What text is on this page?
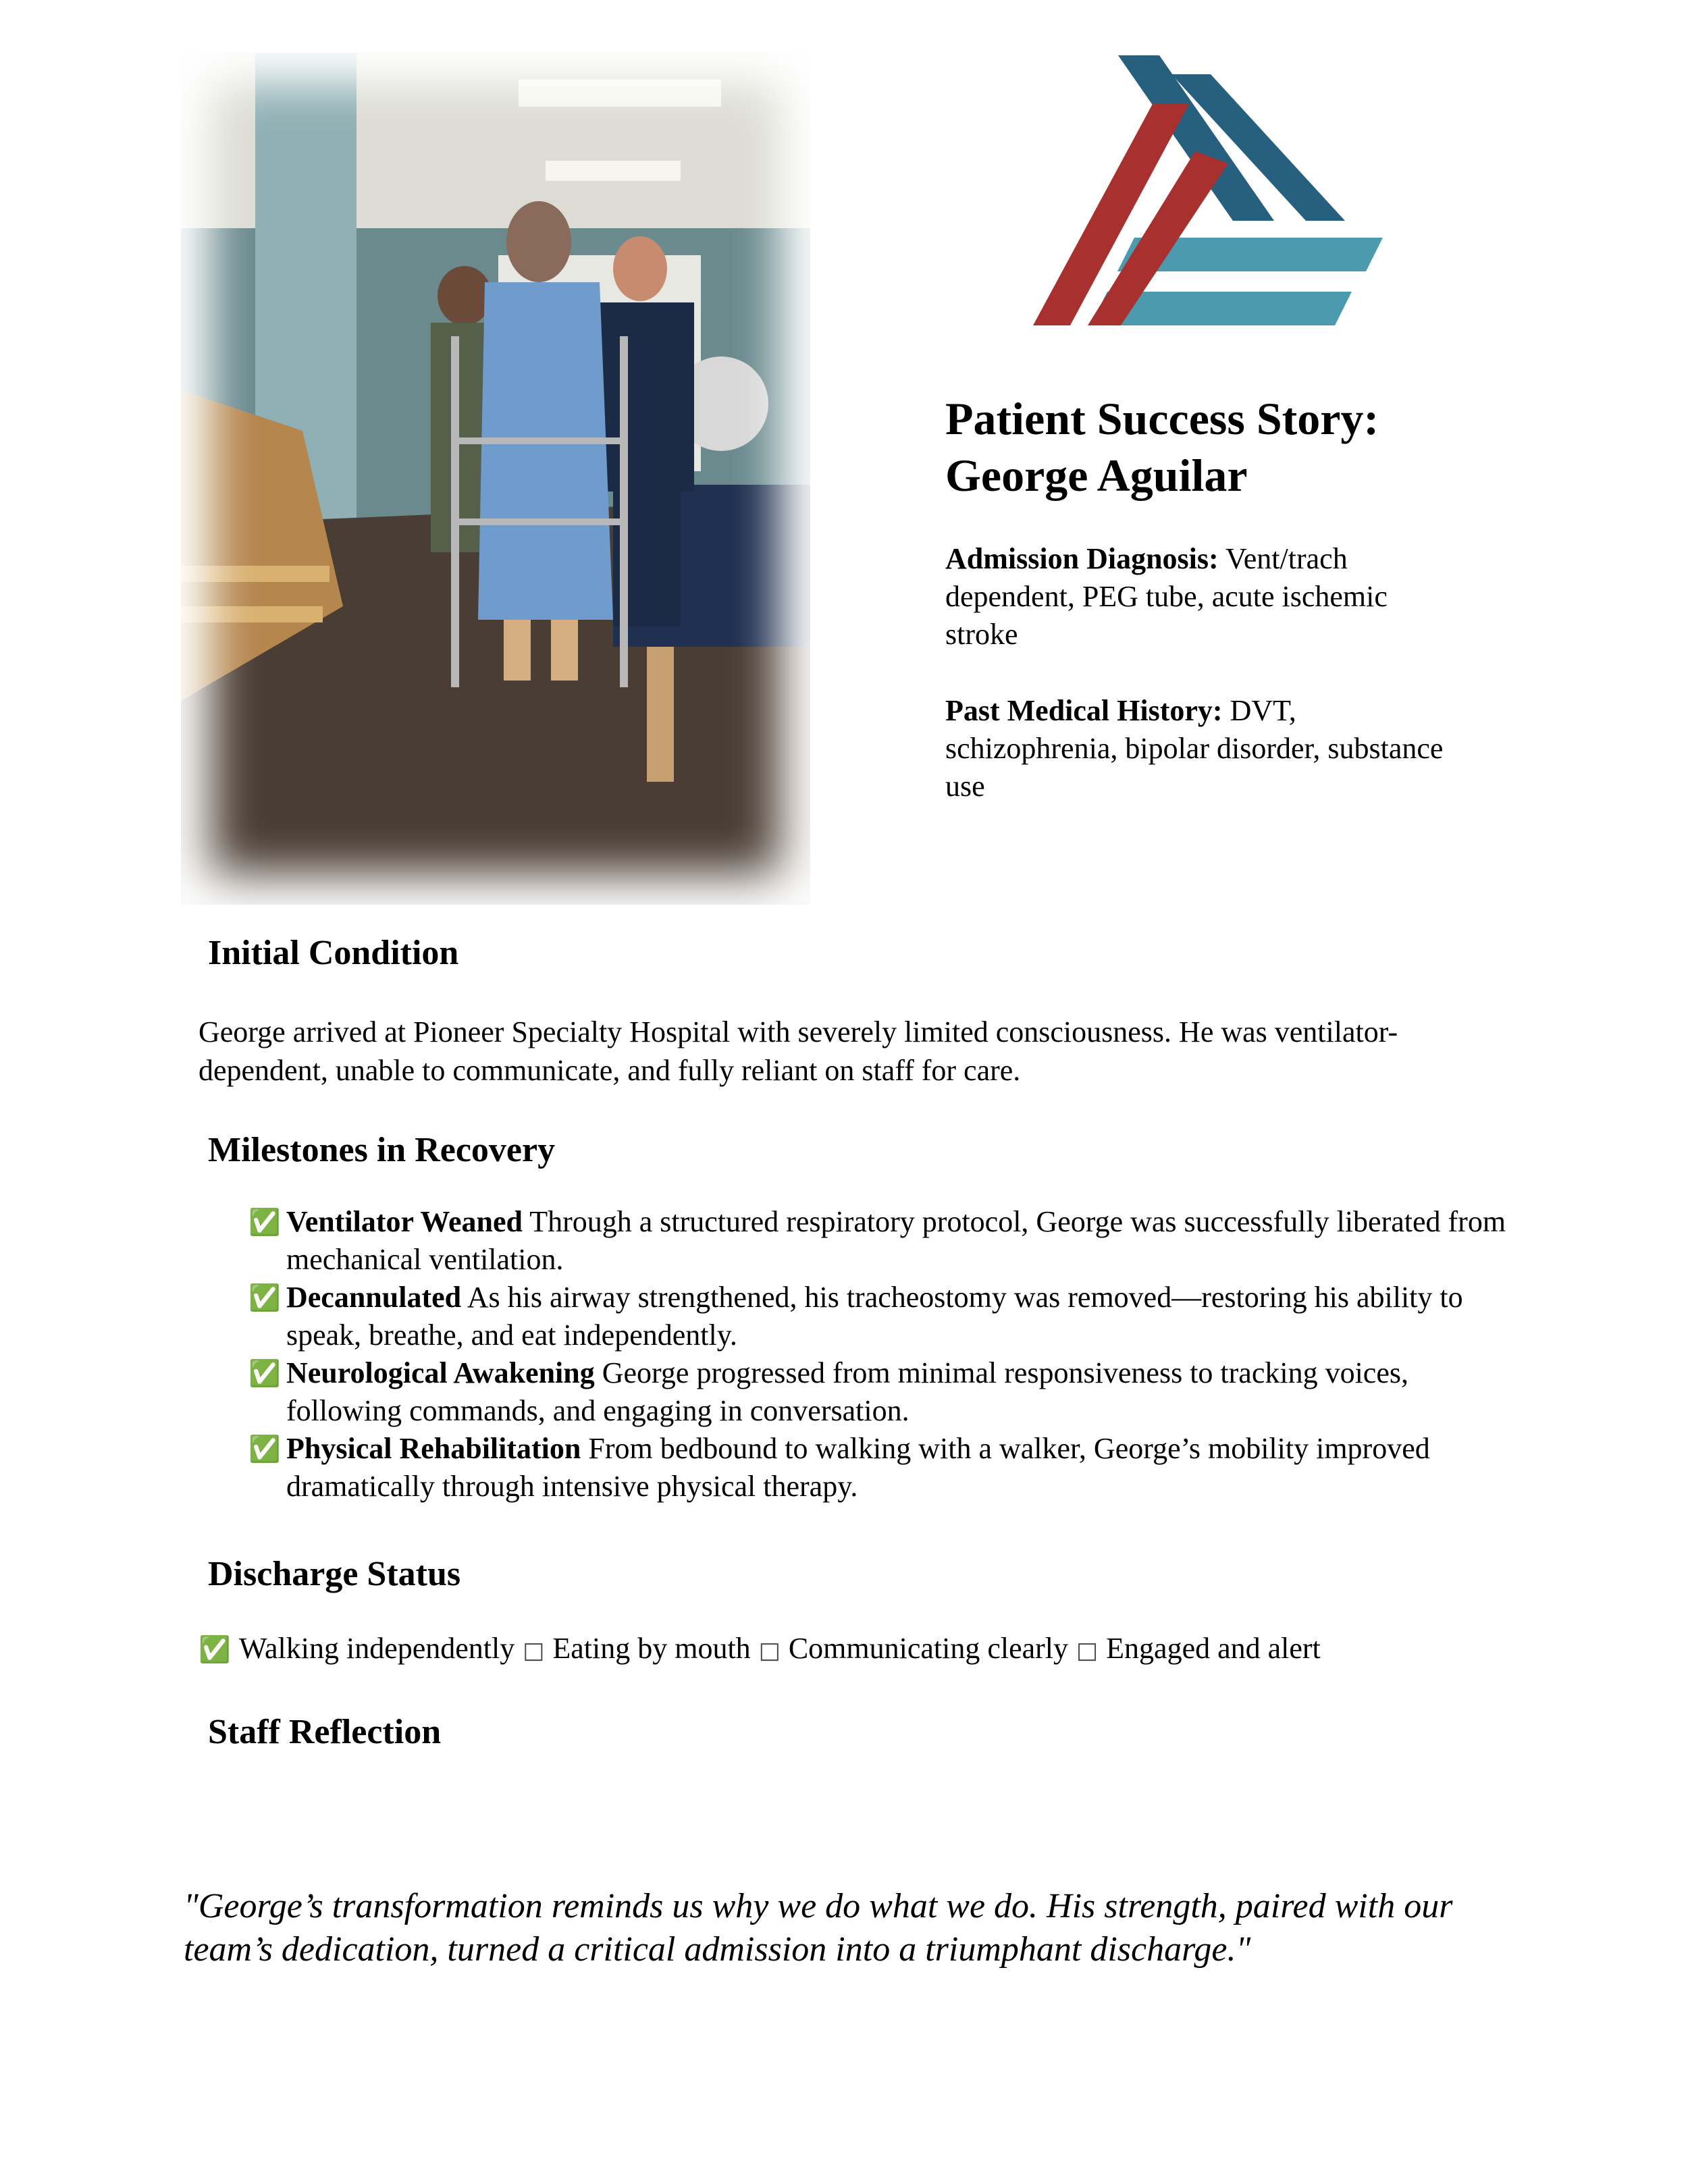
Patient Success Story:
George Aguilar

Admission Diagnosis: Vent/trach dependent, PEG tube, acute ischemic stroke

Past Medical History: DVT, schizophrenia, bipolar disorder, substance use

Initial Condition

George arrived at Pioneer Specialty Hospital with severely limited consciousness. He was ventilator-dependent, unable to communicate, and fully reliant on staff for care.

Milestones in Recovery
✅ Ventilator Weaned Through a structured respiratory protocol, George was successfully liberated from mechanical ventilation.
✅ Decannulated As his airway strengthened, his tracheostomy was removed—restoring his ability to speak, breathe, and eat independently.
✅ Neurological Awakening George progressed from minimal responsiveness to tracking voices, following commands, and engaging in conversation.
✅ Physical Rehabilitation From bedbound to walking with a walker, George’s mobility improved dramatically through intensive physical therapy.
Discharge Status
✅ Walking independently □ Eating by mouth □ Communicating clearly □ Engaged and alert
Staff Reflection

"George’s transformation reminds us why we do what we do. His strength, paired with our team’s dedication, turned a critical admission into a triumphant discharge."
